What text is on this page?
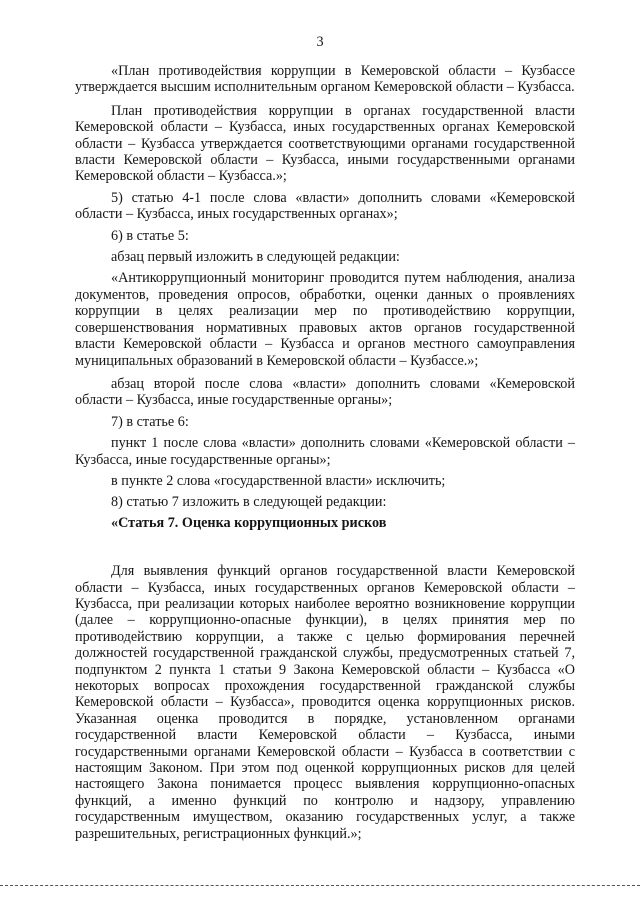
3

«План противодействия коррупции в Кемеровской области – Кузбассе утверждается высшим исполнительным органом Кемеровской области – Кузбасса.

План противодействия коррупции в органах государственной власти Кемеровской области – Кузбасса, иных государственных органах Кемеровской области – Кузбасса утверждается соответствующими органами государственной власти Кемеровской области – Кузбасса, иными государственными органами Кемеровской области – Кузбасса.»;

5) статью 4-1 после слова «власти» дополнить словами «Кемеровской области – Кузбасса, иных государственных органах»;

6) в статье 5:

абзац первый изложить в следующей редакции:

«Антикоррупционный мониторинг проводится путем наблюдения, анализа документов, проведения опросов, обработки, оценки данных о проявлениях коррупции в целях реализации мер по противодействию коррупции, совершенствования нормативных правовых актов органов государственной власти Кемеровской области – Кузбасса и органов местного самоуправления муниципальных образований в Кемеровской области – Кузбассе.»;

абзац второй после слова «власти» дополнить словами «Кемеровской области – Кузбасса, иные государственные органы»;

7) в статье 6:

пункт 1 после слова «власти» дополнить словами «Кемеровской области – Кузбасса, иные государственные органы»;

в пункте 2 слова «государственной власти» исключить;

8) статью 7 изложить в следующей редакции:

«Статья 7. Оценка коррупционных рисков

Для выявления функций органов государственной власти Кемеровской области – Кузбасса, иных государственных органов Кемеровской области – Кузбасса, при реализации которых наиболее вероятно возникновение коррупции (далее – коррупционно-опасные функции), в целях принятия мер по противодействию коррупции, а также с целью формирования перечней должностей государственной гражданской службы, предусмотренных статьей 7, подпунктом 2 пункта 1 статьи 9 Закона Кемеровской области – Кузбасса «О некоторых вопросах прохождения государственной гражданской службы Кемеровской области – Кузбасса», проводится оценка коррупционных рисков. Указанная оценка проводится в порядке, установленном органами государственной власти Кемеровской области – Кузбасса, иными государственными органами Кемеровской области – Кузбасса в соответствии с настоящим Законом. При этом под оценкой коррупционных рисков для целей настоящего Закона понимается процесс выявления коррупционно-опасных функций, а именно функций по контролю и надзору, управлению государственным имуществом, оказанию государственных услуг, а также разрешительных, регистрационных функций.»;
